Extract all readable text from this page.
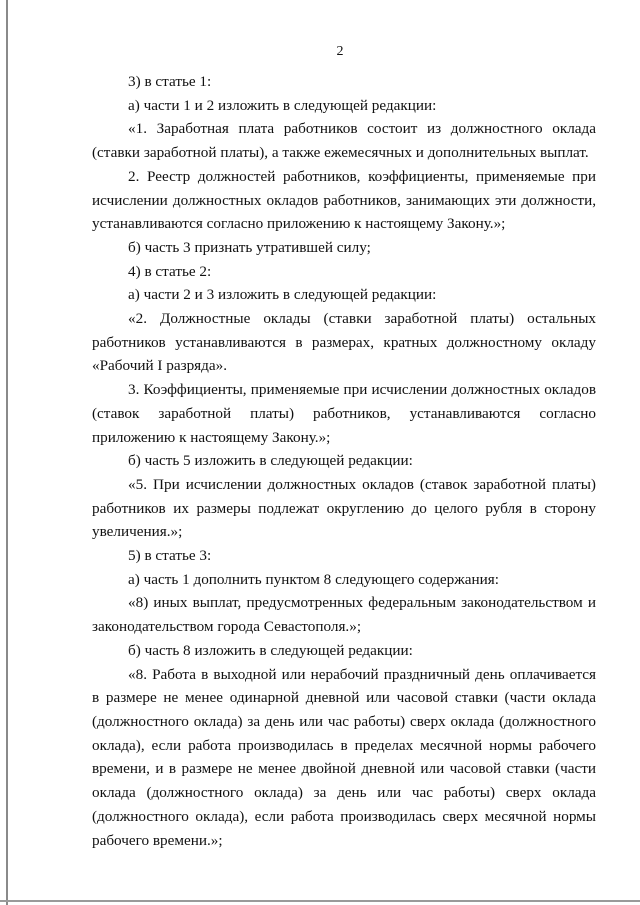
2

3) в статье 1:

а) части 1 и 2 изложить в следующей редакции:

«1. Заработная плата работников состоит из должностного оклада (ставки заработной платы), а также ежемесячных и дополнительных выплат.

2. Реестр должностей работников, коэффициенты, применяемые при исчислении должностных окладов работников, занимающих эти должности, устанавливаются согласно приложению к настоящему Закону.»;

б) часть 3 признать утратившей силу;

4) в статье 2:

а) части 2 и 3 изложить в следующей редакции:

«2. Должностные оклады (ставки заработной платы) остальных работников устанавливаются в размерах, кратных должностному окладу «Рабочий I разряда».

3. Коэффициенты, применяемые при исчислении должностных окладов (ставок заработной платы) работников, устанавливаются согласно приложению к настоящему Закону.»;

б) часть 5 изложить в следующей редакции:

«5. При исчислении должностных окладов (ставок заработной платы) работников их размеры подлежат округлению до целого рубля в сторону увеличения.»;

5) в статье 3:

а) часть 1 дополнить пунктом 8 следующего содержания:

«8) иных выплат, предусмотренных федеральным законодательством и законодательством города Севастополя.»;

б) часть 8 изложить в следующей редакции:

«8. Работа в выходной или нерабочий праздничный день оплачивается в размере не менее одинарной дневной или часовой ставки (части оклада (должностного оклада) за день или час работы) сверх оклада (должностного оклада), если работа производилась в пределах месячной нормы рабочего времени, и в размере не менее двойной дневной или часовой ставки (части оклада (должностного оклада) за день или час работы) сверх оклада (должностного оклада), если работа производилась сверх месячной нормы рабочего времени.»;
